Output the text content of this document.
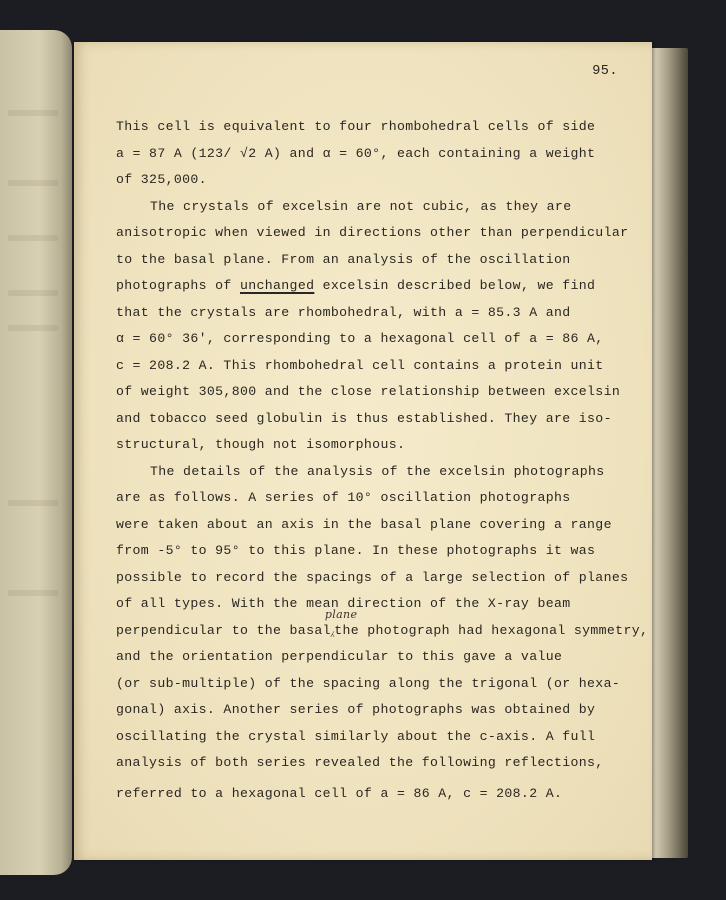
95.
This cell is equivalent to four rhombohedral cells of side
a = 87 A (123/ √2 A) and α = 60°, each containing a weight
of 325,000.
The crystals of excelsin are not cubic, as they are
anisotropic when viewed in directions other than perpendicular
to the basal plane. From an analysis of the oscillation
photographs of unchanged excelsin described below, we find
that the crystals are rhombohedral, with a = 85.3 A and
α = 60° 36', corresponding to a hexagonal cell of a = 86 A,
c = 208.2 A. This rhombohedral cell contains a protein unit
of weight 305,800 and the close relationship between excelsin
and tobacco seed globulin is thus established. They are iso-
structural, though not isomorphous.
The details of the analysis of the excelsin photographs
are as follows. A series of 10° oscillation photographs
were taken about an axis in the basal plane covering a range
from -5° to 95° to this plane. In these photographs it was
possible to record the spacings of a large selection of planes
of all types. With the mean direction of the X-ray beam
perpendicular to the basal
plane
⁁the photograph had hexagonal symmetry,
and the orientation perpendicular to this gave a value
(or sub-multiple) of the spacing along the trigonal (or hexa-
gonal) axis. Another series of photographs was obtained by
oscillating the crystal similarly about the c-axis. A full
analysis of both series revealed the following reflections,
referred to a hexagonal cell of a = 86 A, c = 208.2 A.
